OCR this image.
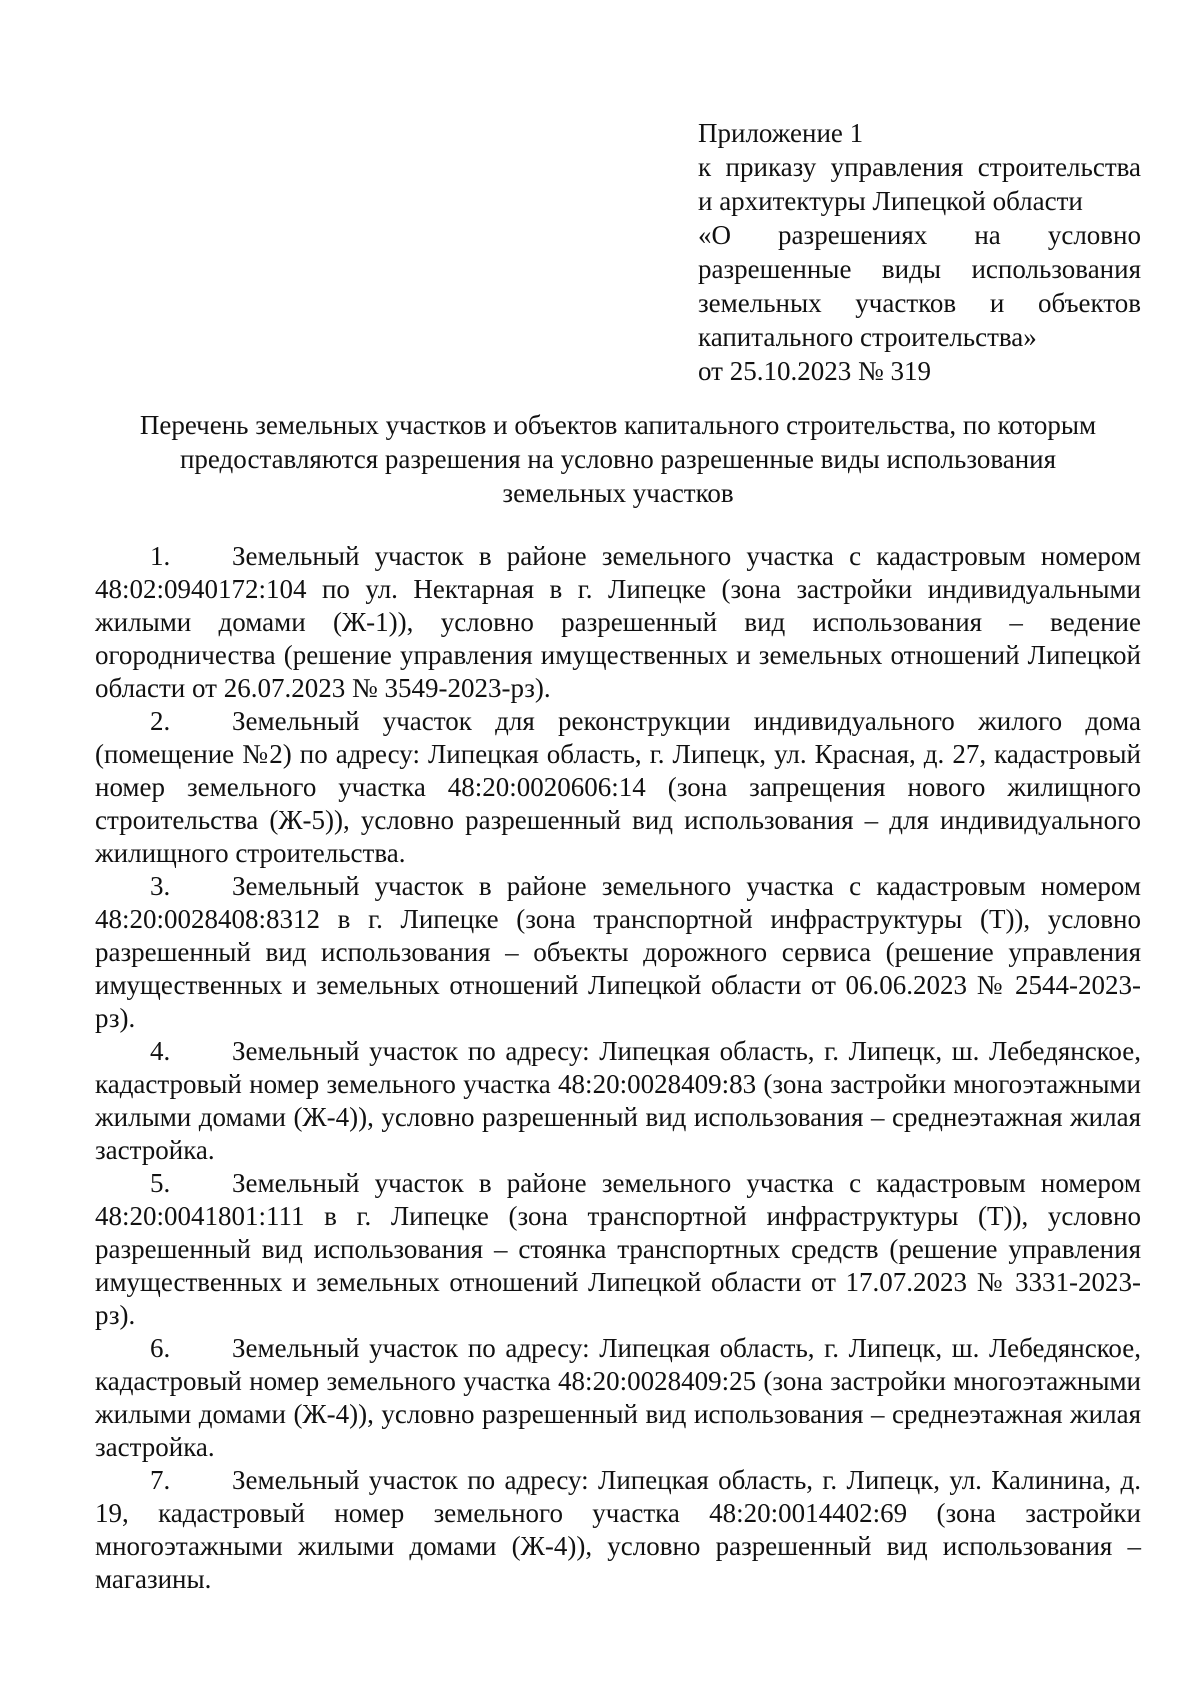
Приложение 1
к приказу управления строительства
и архитектуры Липецкой области
«О разрешениях на условно
разрешенные виды использования
земельных участков и объектов
капитального строительства»
от 25.10.2023 № 319
Перечень земельных участков и объектов капитального строительства, по которым
предоставляются разрешения на условно разрешенные виды использования
земельных участков

1. Земельный участок в районе земельного участка с кадастровым номером 48:02:0940172:104 по ул. Нектарная в г. Липецке (зона застройки индивидуальными жилыми домами (Ж-1)), условно разрешенный вид использования – ведение огородничества (решение управления имущественных и земельных отношений Липецкой области от 26.07.2023 № 3549-2023-рз).

2. Земельный участок для реконструкции индивидуального жилого дома (помещение №2) по адресу: Липецкая область, г. Липецк, ул. Красная, д. 27, кадастровый номер земельного участка 48:20:0020606:14 (зона запрещения нового жилищного строительства (Ж-5)), условно разрешенный вид использования – для индивидуального жилищного строительства.

3. Земельный участок в районе земельного участка с кадастровым номером 48:20:0028408:8312 в г. Липецке (зона транспортной инфраструктуры (Т)), условно разрешенный вид использования – объекты дорожного сервиса (решение управления имущественных и земельных отношений Липецкой области от 06.06.2023 № 2544-2023-рз).

4. Земельный участок по адресу: Липецкая область, г. Липецк, ш. Лебедянское, кадастровый номер земельного участка 48:20:0028409:83 (зона застройки многоэтажными жилыми домами (Ж-4)), условно разрешенный вид использования – среднеэтажная жилая застройка.

5. Земельный участок в районе земельного участка с кадастровым номером 48:20:0041801:111 в г. Липецке (зона транспортной инфраструктуры (Т)), условно разрешенный вид использования – стоянка транспортных средств (решение управления имущественных и земельных отношений Липецкой области от 17.07.2023 № 3331-2023-рз).

6. Земельный участок по адресу: Липецкая область, г. Липецк, ш. Лебедянское, кадастровый номер земельного участка 48:20:0028409:25 (зона застройки многоэтажными жилыми домами (Ж-4)), условно разрешенный вид использования – среднеэтажная жилая застройка.

7. Земельный участок по адресу: Липецкая область, г. Липецк, ул. Калинина, д. 19, кадастровый номер земельного участка 48:20:0014402:69 (зона застройки многоэтажными жилыми домами (Ж-4)), условно разрешенный вид использования – магазины.
